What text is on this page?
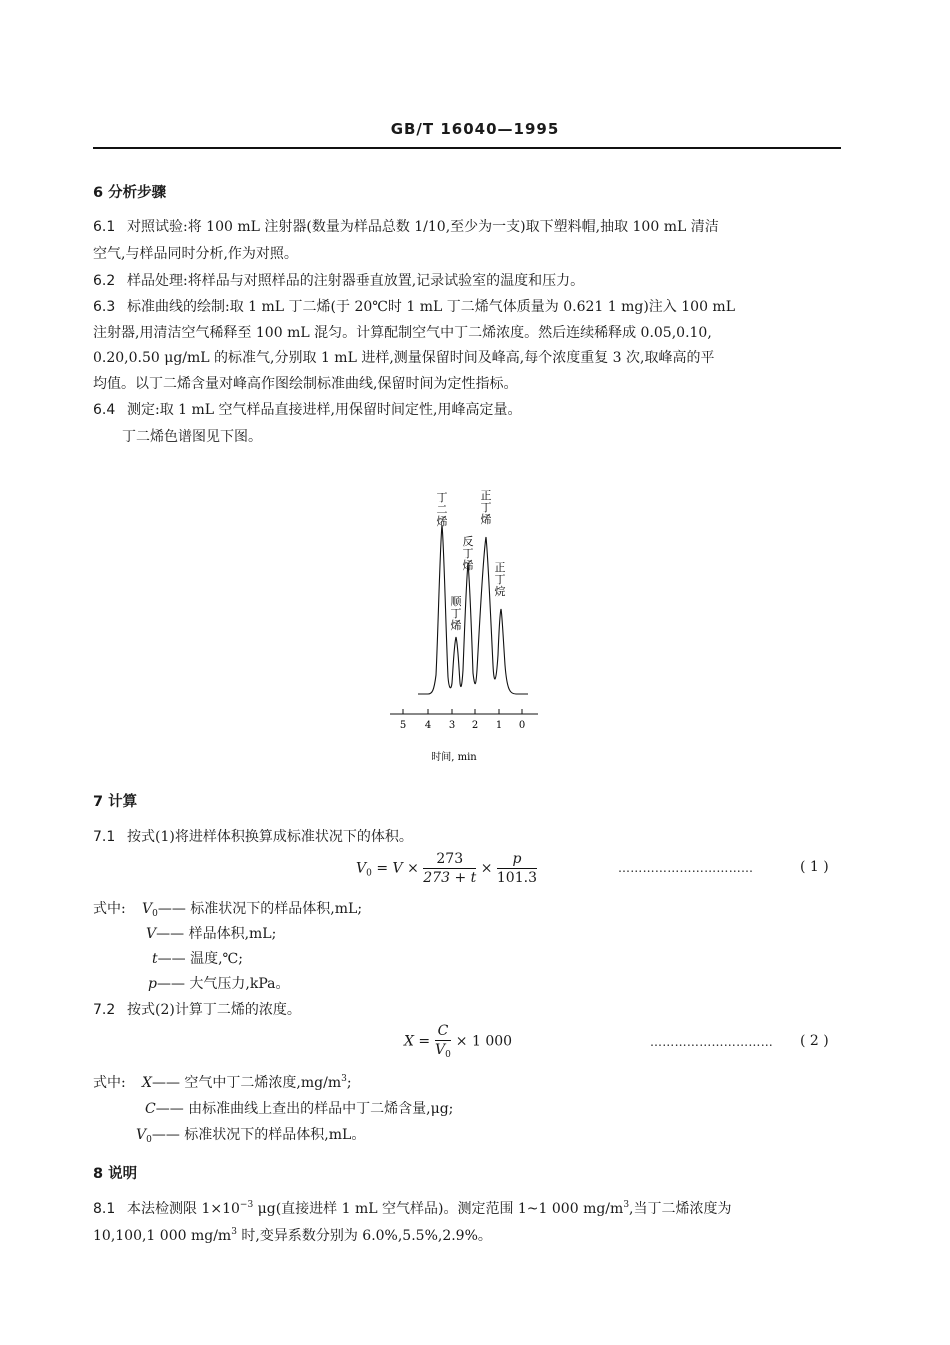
GB/T 16040—1995
6 分析步骤
6.1 对照试验:将 100 mL 注射器(数量为样品总数 1/10,至少为一支)取下塑料帽,抽取 100 mL 清洁
空气,与样品同时分析,作为对照。
6.2 样品处理:将样品与对照样品的注射器垂直放置,记录试验室的温度和压力。
6.3 标准曲线的绘制:取 1 mL 丁二烯(于 20℃时 1 mL 丁二烯气体质量为 0.621 1 mg)注入 100 mL
注射器,用清洁空气稀释至 100 mL 混匀。计算配制空气中丁二烯浓度。然后连续稀释成 0.05,0.10,
0.20,0.50 μg/mL 的标准气,分别取 1 mL 进样,测量保留时间及峰高,每个浓度重复 3 次,取峰高的平
均值。以丁二烯含量对峰高作图绘制标准曲线,保留时间为定性指标。
6.4 测定:取 1 mL 空气样品直接进样,用保留时间定性,用峰高定量。
丁二烯色谱图见下图。
丁二烯
顺丁烯
反丁烯
正丁烯
正丁烷
5 4 3 2 1 0
时间, min
7 计算
7.1 按式(1)将进样体积换算成标准状况下的体积。
$V_0 = V \times \frac{273}{273 + t} \times \frac{p}{101.3}$	……………………………	( 1 )
式中: $V_0——$ 标准状况下的样品体积,mL;
V—— 样品体积,mL;
t—— 温度,℃;
p—— 大气压力,kPa。
7.2 按式(2)计算丁二烯的浓度。
$X = \frac{C}{V_0} \times 1$ 000	………………………… ( 2 )
式中: X—— 空气中丁二烯浓度$,mg/m^3$;
C—— 由标准曲线上查出的样品中丁二烯含量,μg;
$V_0——$ 标准状况下的样品体积,mL。
8 说明
8.1 本法检测限 $1\times 10^{-3}$ μg(直接进样 1 mL 空气样品)。测定范围 1~1 000 $mg/m^3$,当丁二烯浓度为
10,100,1 000 $mg/m^3$ 时,变异系数分别为 6.0%,5.5%,2.9%。
